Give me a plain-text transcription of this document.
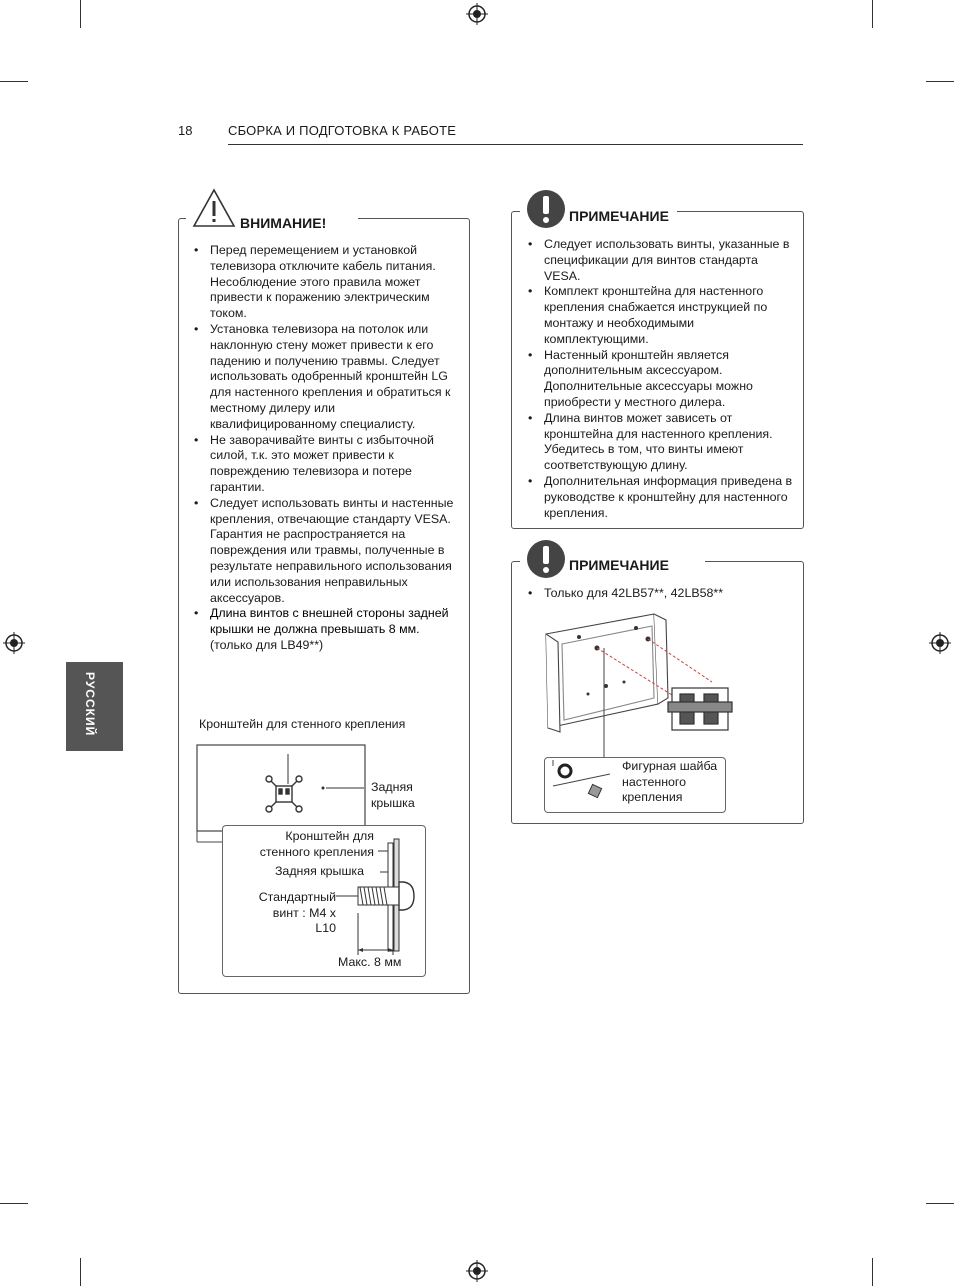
18	СБОРКА И ПОДГОТОВКА К РАБОТЕ
РУССКИЙ
ВНИМАНИЕ!
• Перед перемещением и установкой телевизора отключите кабель питания. Несоблюдение этого правила может привести к поражению электрическим током.
• Установка телевизора на потолок или наклонную стену может привести к его падению и получению травмы. Следует использовать одобренный кронштейн LG для настенного крепления и обратиться к местному дилеру или квалифицированному специалисту.
• Не заворачивайте винты с избыточной силой, т.к. это может привести к повреждению телевизора и потере гарантии.
• Следует использовать винты и настенные крепления, отвечающие стандарту VESA. Гарантия не распространяется на повреждения или травмы, полученные в результате неправильного использования или использования неправильных аксессуаров.
• Длина винтов с внешней стороны задней крышки не должна превышать 8 мм. (только для LB49**)
Кронштейн для стенного крепления
Задняя крышка
Кронштейн для стенного крепления
Задняя крышка
Стандартный винт : M4 x L10
Макс. 8 мм
ПРИМЕЧАНИЕ
• Следует использовать винты, указанные в спецификации для винтов стандарта VESA.
• Комплект кронштейна для настенного крепления снабжается инструкцией по монтажу и необходимыми комплектующими.
• Настенный кронштейн является дополнительным аксессуаром. Дополнительные аксессуары можно приобрести у местного дилера.
• Длина винтов может зависеть от кронштейна для настенного крепления. Убедитесь в том, что винты имеют соответствующую длину.
• Дополнительная информация приведена в руководстве к кронштейну для настенного крепления.
ПРИМЕЧАНИЕ
• Только для 42LB57**, 42LB58**
Фигурная шайба настенного крепления
